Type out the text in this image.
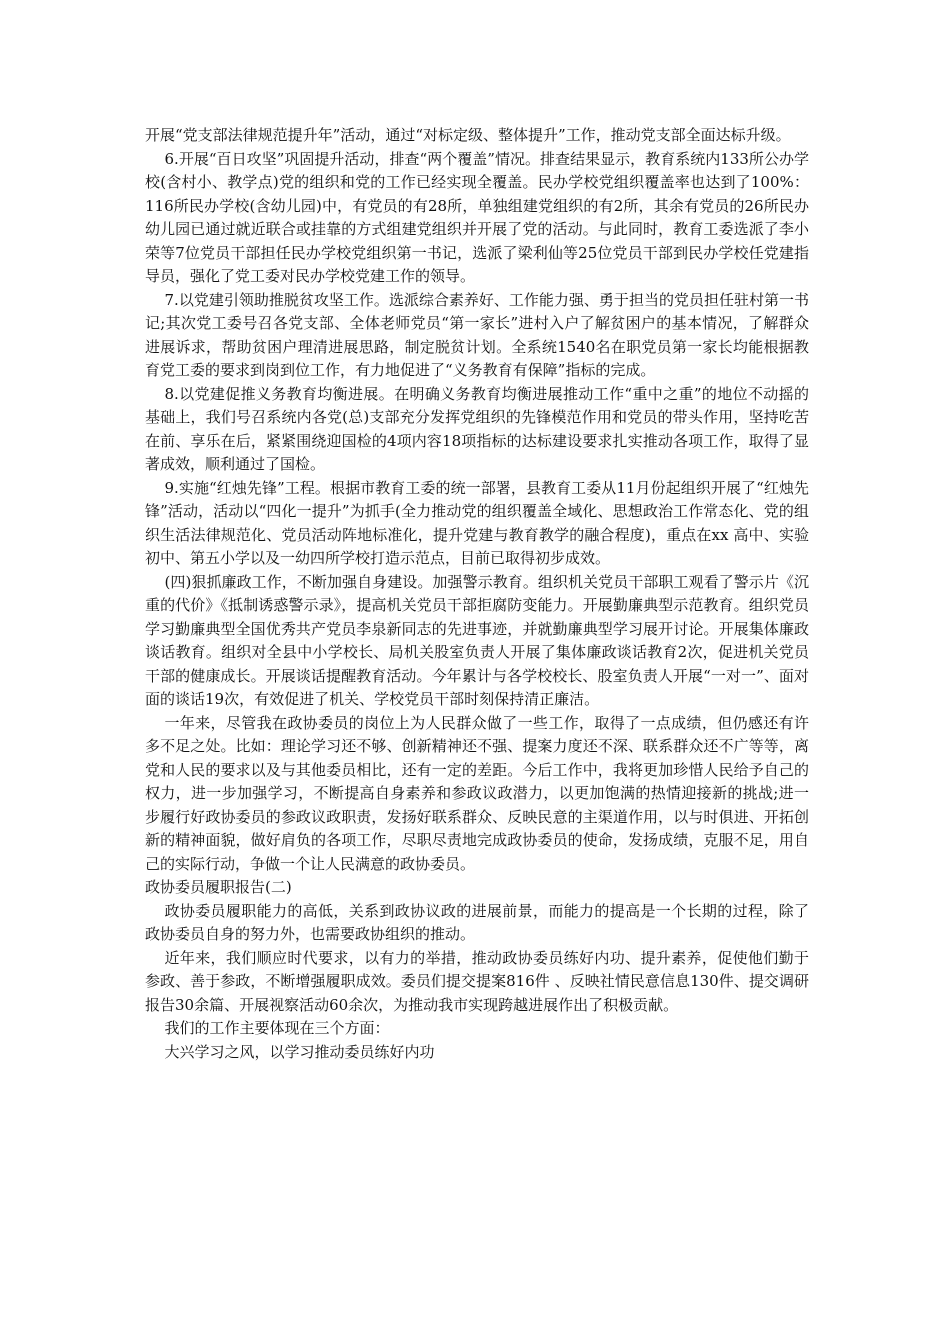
开展“党支部法律规范提升年”活动，通过“对标定级、整体提升”工作，推动党支部全面达标升级。

6.开展“百日攻坚”巩固提升活动，排查“两个覆盖”情况。排查结果显示，教育系统内133所公办学校(含村小、教学点)党的组织和党的工作已经实现全覆盖。民办学校党组织覆盖率也达到了100%：116所民办学校(含幼儿园)中，有党员的有28所，单独组建党组织的有2所，其余有党员的26所民办幼儿园已通过就近联合或挂靠的方式组建党组织并开展了党的活动。与此同时，教育工委选派了李小荣等7位党员干部担任民办学校党组织第一书记，选派了梁利仙等25位党员干部到民办学校任党建指导员，强化了党工委对民办学校党建工作的领导。

7.以党建引领助推脱贫攻坚工作。选派综合素养好、工作能力强、勇于担当的党员担任驻村第一书记;其次党工委号召各党支部、全体老师党员“第一家长”进村入户了解贫困户的基本情况，了解群众进展诉求，帮助贫困户理清进展思路，制定脱贫计划。全系统1540名在职党员第一家长均能根据教育党工委的要求到岗到位工作，有力地促进了“义务教育有保障”指标的完成。

8.以党建促推义务教育均衡进展。在明确义务教育均衡进展推动工作“重中之重”的地位不动摇的基础上，我们号召系统内各党(总)支部充分发挥党组织的先锋模范作用和党员的带头作用，坚持吃苦在前、享乐在后，紧紧围绕迎国检的4项内容18项指标的达标建设要求扎实推动各项工作，取得了显著成效，顺利通过了国检。

9.实施“红烛先锋”工程。根据市教育工委的统一部署，县教育工委从11月份起组织开展了“红烛先锋”活动，活动以“四化一提升”为抓手(全力推动党的组织覆盖全域化、思想政治工作常态化、党的组织生活法律规范化、党员活动阵地标准化，提升党建与教育教学的融合程度)，重点在xx 高中、实验初中、第五小学以及一幼四所学校打造示范点，目前已取得初步成效。

(四)狠抓廉政工作，不断加强自身建设。加强警示教育。组织机关党员干部职工观看了警示片《沉重的代价》《抵制诱惑警示录》，提高机关党员干部拒腐防变能力。开展勤廉典型示范教育。组织党员学习勤廉典型全国优秀共产党员李泉新同志的先进事迹，并就勤廉典型学习展开讨论。开展集体廉政谈话教育。组织对全县中小学校长、局机关股室负责人开展了集体廉政谈话教育2次，促进机关党员干部的健康成长。开展谈话提醒教育活动。今年累计与各学校校长、股室负责人开展“一对一”、面对面的谈话19次，有效促进了机关、学校党员干部时刻保持清正廉洁。

一年来，尽管我在政协委员的岗位上为人民群众做了一些工作，取得了一点成绩，但仍感还有许多不足之处。比如：理论学习还不够、创新精神还不强、提案力度还不深、联系群众还不广等等，离党和人民的要求以及与其他委员相比，还有一定的差距。今后工作中，我将更加珍惜人民给予自己的权力，进一步加强学习，不断提高自身素养和参政议政潜力，以更加饱满的热情迎接新的挑战;进一步履行好政协委员的参政议政职责，发扬好联系群众、反映民意的主渠道作用，以与时俱进、开拓创新的精神面貌，做好肩负的各项工作，尽职尽责地完成政协委员的使命，发扬成绩，克服不足，用自己的实际行动，争做一个让人民满意的政协委员。

政协委员履职报告(二)

政协委员履职能力的高低，关系到政协议政的进展前景，而能力的提高是一个长期的过程，除了政协委员自身的努力外，也需要政协组织的推动。

近年来，我们顺应时代要求，以有力的举措，推动政协委员练好内功、提升素养，促使他们勤于参政、善于参政，不断增强履职成效。委员们提交提案816件 、反映社情民意信息130件、提交调研报告30余篇、开展视察活动60余次，为推动我市实现跨越进展作出了积极贡献。

我们的工作主要体现在三个方面：

大兴学习之风，以学习推动委员练好内功
